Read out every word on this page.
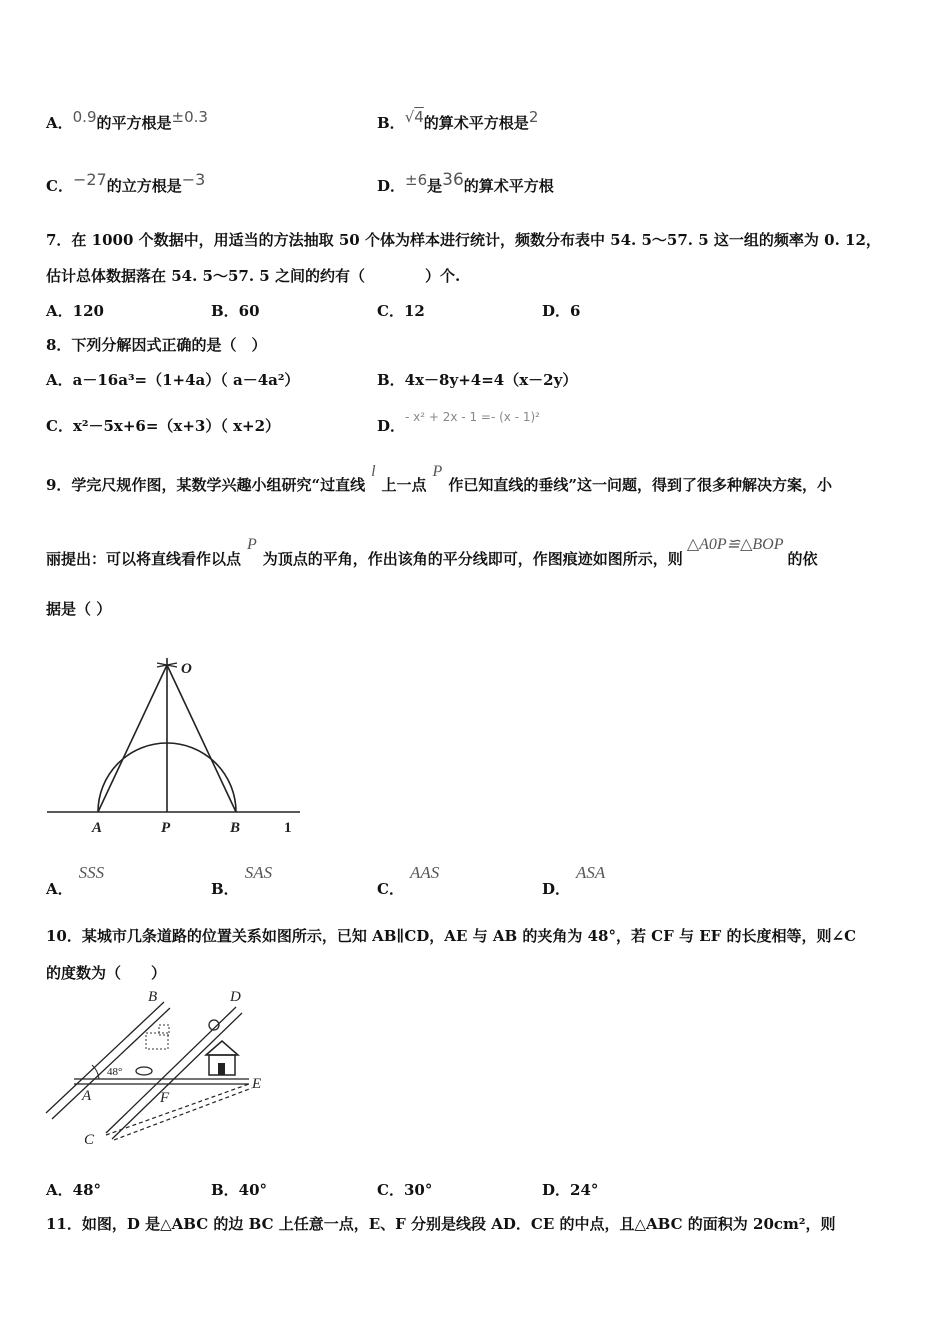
A．0.9的平方根是±0.3	B．√4的算术平方根是2
C．−27的立方根是−3	D．±6是36的算术平方根
7．在 1000 个数据中，用适当的方法抽取 50 个体为样本进行统计，频数分布表中 54. 5～57. 5 这一组的频率为 0. 12，
估计总体数据落在 54. 5～57. 5 之间的约有（　　　　）个.
A．120	B．60	C．12	D．6
8．下列分解因式正确的是（　）
A．a－16a³=（1+4a）（ a－4a²）	B．4x－8y+4=4（x－2y）
C．x²－5x+6=（x+3）（ x+2）	D．- x² + 2x - 1 =- (x - 1)²
9．学完尺规作图，某数学兴趣小组研究“过直线l上一点P作已知直线的垂线”这一问题，得到了很多种解决方案，小
丽提出：可以将直线看作以点P为顶点的平角，作出该角的平分线即可，作图痕迹如图所示，则△A0P≌△BOP的依
据是（ ）
O
A	P	B	1
A．SSS
B．SAS
C．AAS
D．ASA
10．某城市几条道路的位置关系如图所示，已知 AB∥CD，AE 与 AB 的夹角为 48°，若 CF 与 EF 的长度相等，则∠C
的度数为（　　）
48°
B	D
A	F
E
C
A．48°	B．40°	C．30°	D．24°
11．如图，D 是△ABC 的边 BC 上任意一点，E、F 分别是线段 AD．CE 的中点，且△ABC 的面积为 20cm²，则
